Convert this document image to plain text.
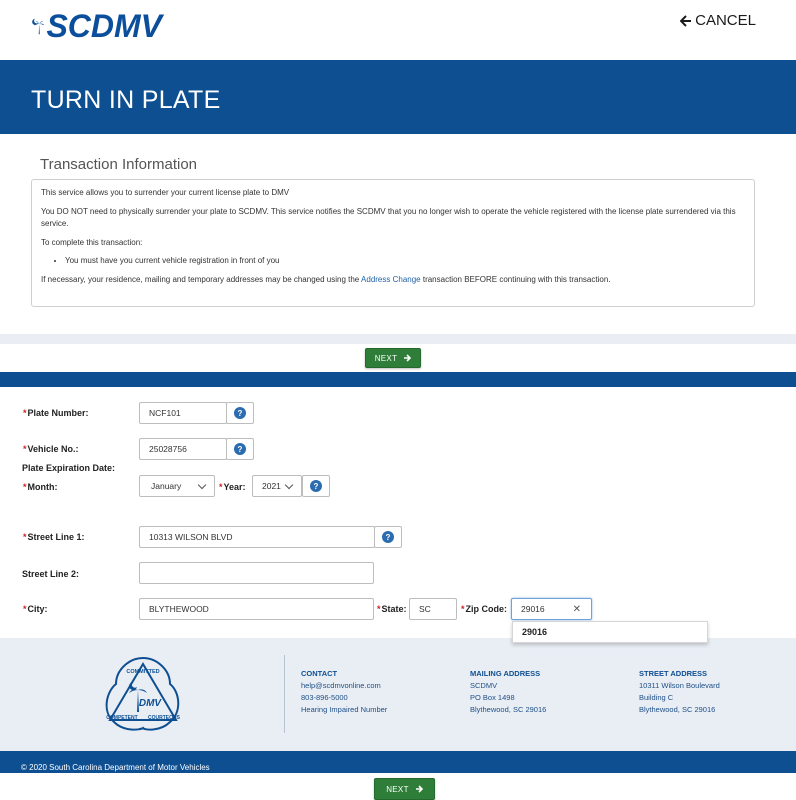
SCDMV	CANCEL
TURN IN PLATE
Transaction Information

This service allows you to surrender your current license plate to DMV

You DO NOT need to physically surrender your plate to SCDMV. This service notifies the SCDMV that you no longer wish to operate the vehicle registered with the license plate surrendered via this service.

To complete this transaction:

• You must have you current vehicle registration in front of you

If necessary, your residence, mailing and temporary addresses may be changed using the Address Change transaction BEFORE continuing with this transaction.

NEXT
*Plate Number:	NCF101	?
*Vehicle No.:	25028756	?
Plate Expiration Date:
*Month:	January	*Year: 2021	?
*Street Line 1:	10313 WILSON BLVD	?
Street Line 2:
*City:	BLYTHEWOOD	*State:	SC	*Zip Code: 29016	✕
COMMITTED
COMPETENT COURTEOUS
DMV
CONTACT
help@scdmvonline.com
803-896-5000
Hearing Impaired Number
MAILING ADDRESS
SCDMV
PO Box 1498
Blythewood, SC 29016
STREET ADDRESS
10311 Wilson Boulevard
Building C
Blythewood, SC 29016
© 2020 South Carolina Department of Motor Vehicles
NEXT
29016
